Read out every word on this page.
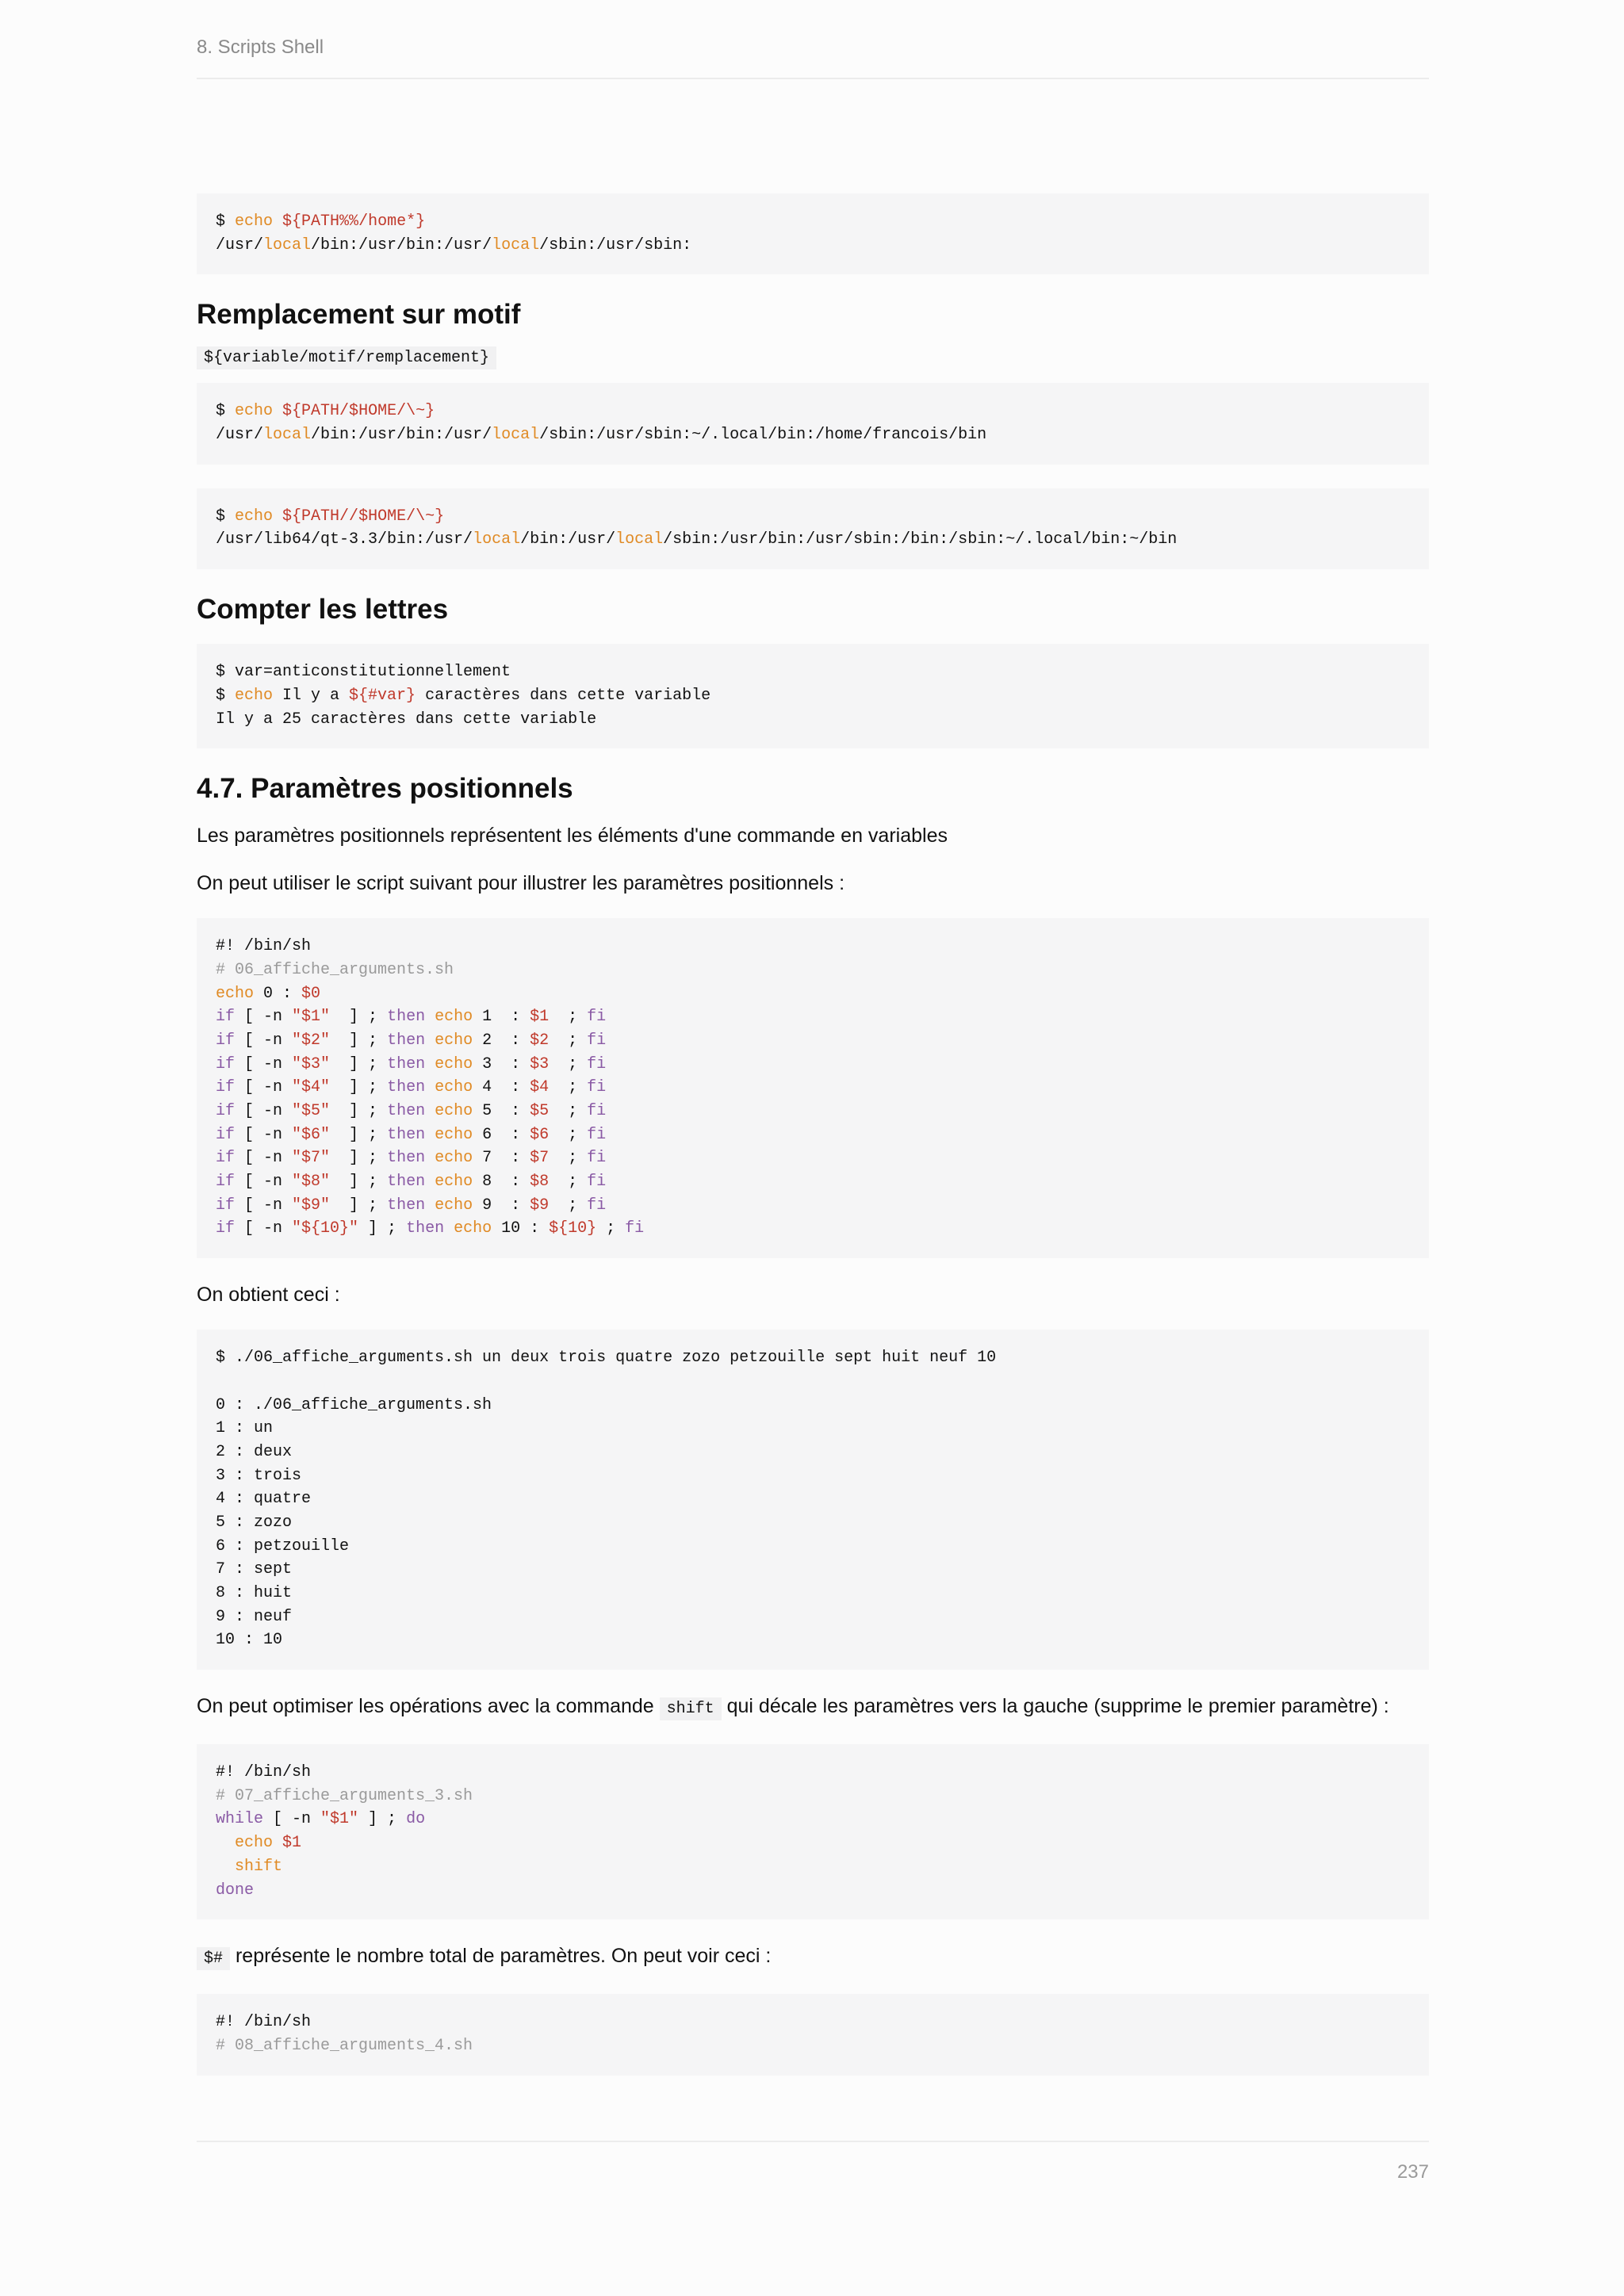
8. Scripts Shell
$ echo ${PATH%%/home*}
/usr/local/bin:/usr/bin:/usr/local/sbin:/usr/sbin:
Remplacement sur motif
${variable/motif/remplacement}
$ echo ${PATH/$HOME/\~}
/usr/local/bin:/usr/bin:/usr/local/sbin:/usr/sbin:~/.local/bin:/home/francois/bin
$ echo ${PATH//$HOME/\~}
/usr/lib64/qt-3.3/bin:/usr/local/bin:/usr/local/sbin:/usr/bin:/usr/sbin:/bin:/sbin:~/.local/bin:~/bin
Compter les lettres
$ var=anticonstitutionnellement
$ echo Il y a ${#var} caractères dans cette variable
Il y a 25 caractères dans cette variable
4.7. Paramètres positionnels

Les paramètres positionnels représentent les éléments d'une commande en variables

On peut utiliser le script suivant pour illustrer les paramètres positionnels :

#! /bin/sh
# 06_affiche_arguments.sh
echo 0 : $0
if [ -n "$1"  ] ; then echo 1  : $1  ; fi
if [ -n "$2"  ] ; then echo 2  : $2  ; fi
if [ -n "$3"  ] ; then echo 3  : $3  ; fi
if [ -n "$4"  ] ; then echo 4  : $4  ; fi
if [ -n "$5"  ] ; then echo 5  : $5  ; fi
if [ -n "$6"  ] ; then echo 6  : $6  ; fi
if [ -n "$7"  ] ; then echo 7  : $7  ; fi
if [ -n "$8"  ] ; then echo 8  : $8  ; fi
if [ -n "$9"  ] ; then echo 9  : $9  ; fi
if [ -n "${10}" ] ; then echo 10 : ${10} ; fi

On obtient ceci :

$ ./06_affiche_arguments.sh un deux trois quatre zozo petzouille sept huit neuf 10
0 : ./06_affiche_arguments.sh
1 : un
2 : deux
3 : trois
4 : quatre
5 : zozo
6 : petzouille
7 : sept
8 : huit
9 : neuf
10 : 10

On peut optimiser les opérations avec la commande shift qui décale les paramètres vers la gauche (supprime le premier paramètre) :

#! /bin/sh
# 07_affiche_arguments_3.sh
while [ -n "$1" ] ; do
echo $1
shift
done

$# représente le nombre total de paramètres. On peut voir ceci :

#! /bin/sh
# 08_affiche_arguments_4.sh
237
